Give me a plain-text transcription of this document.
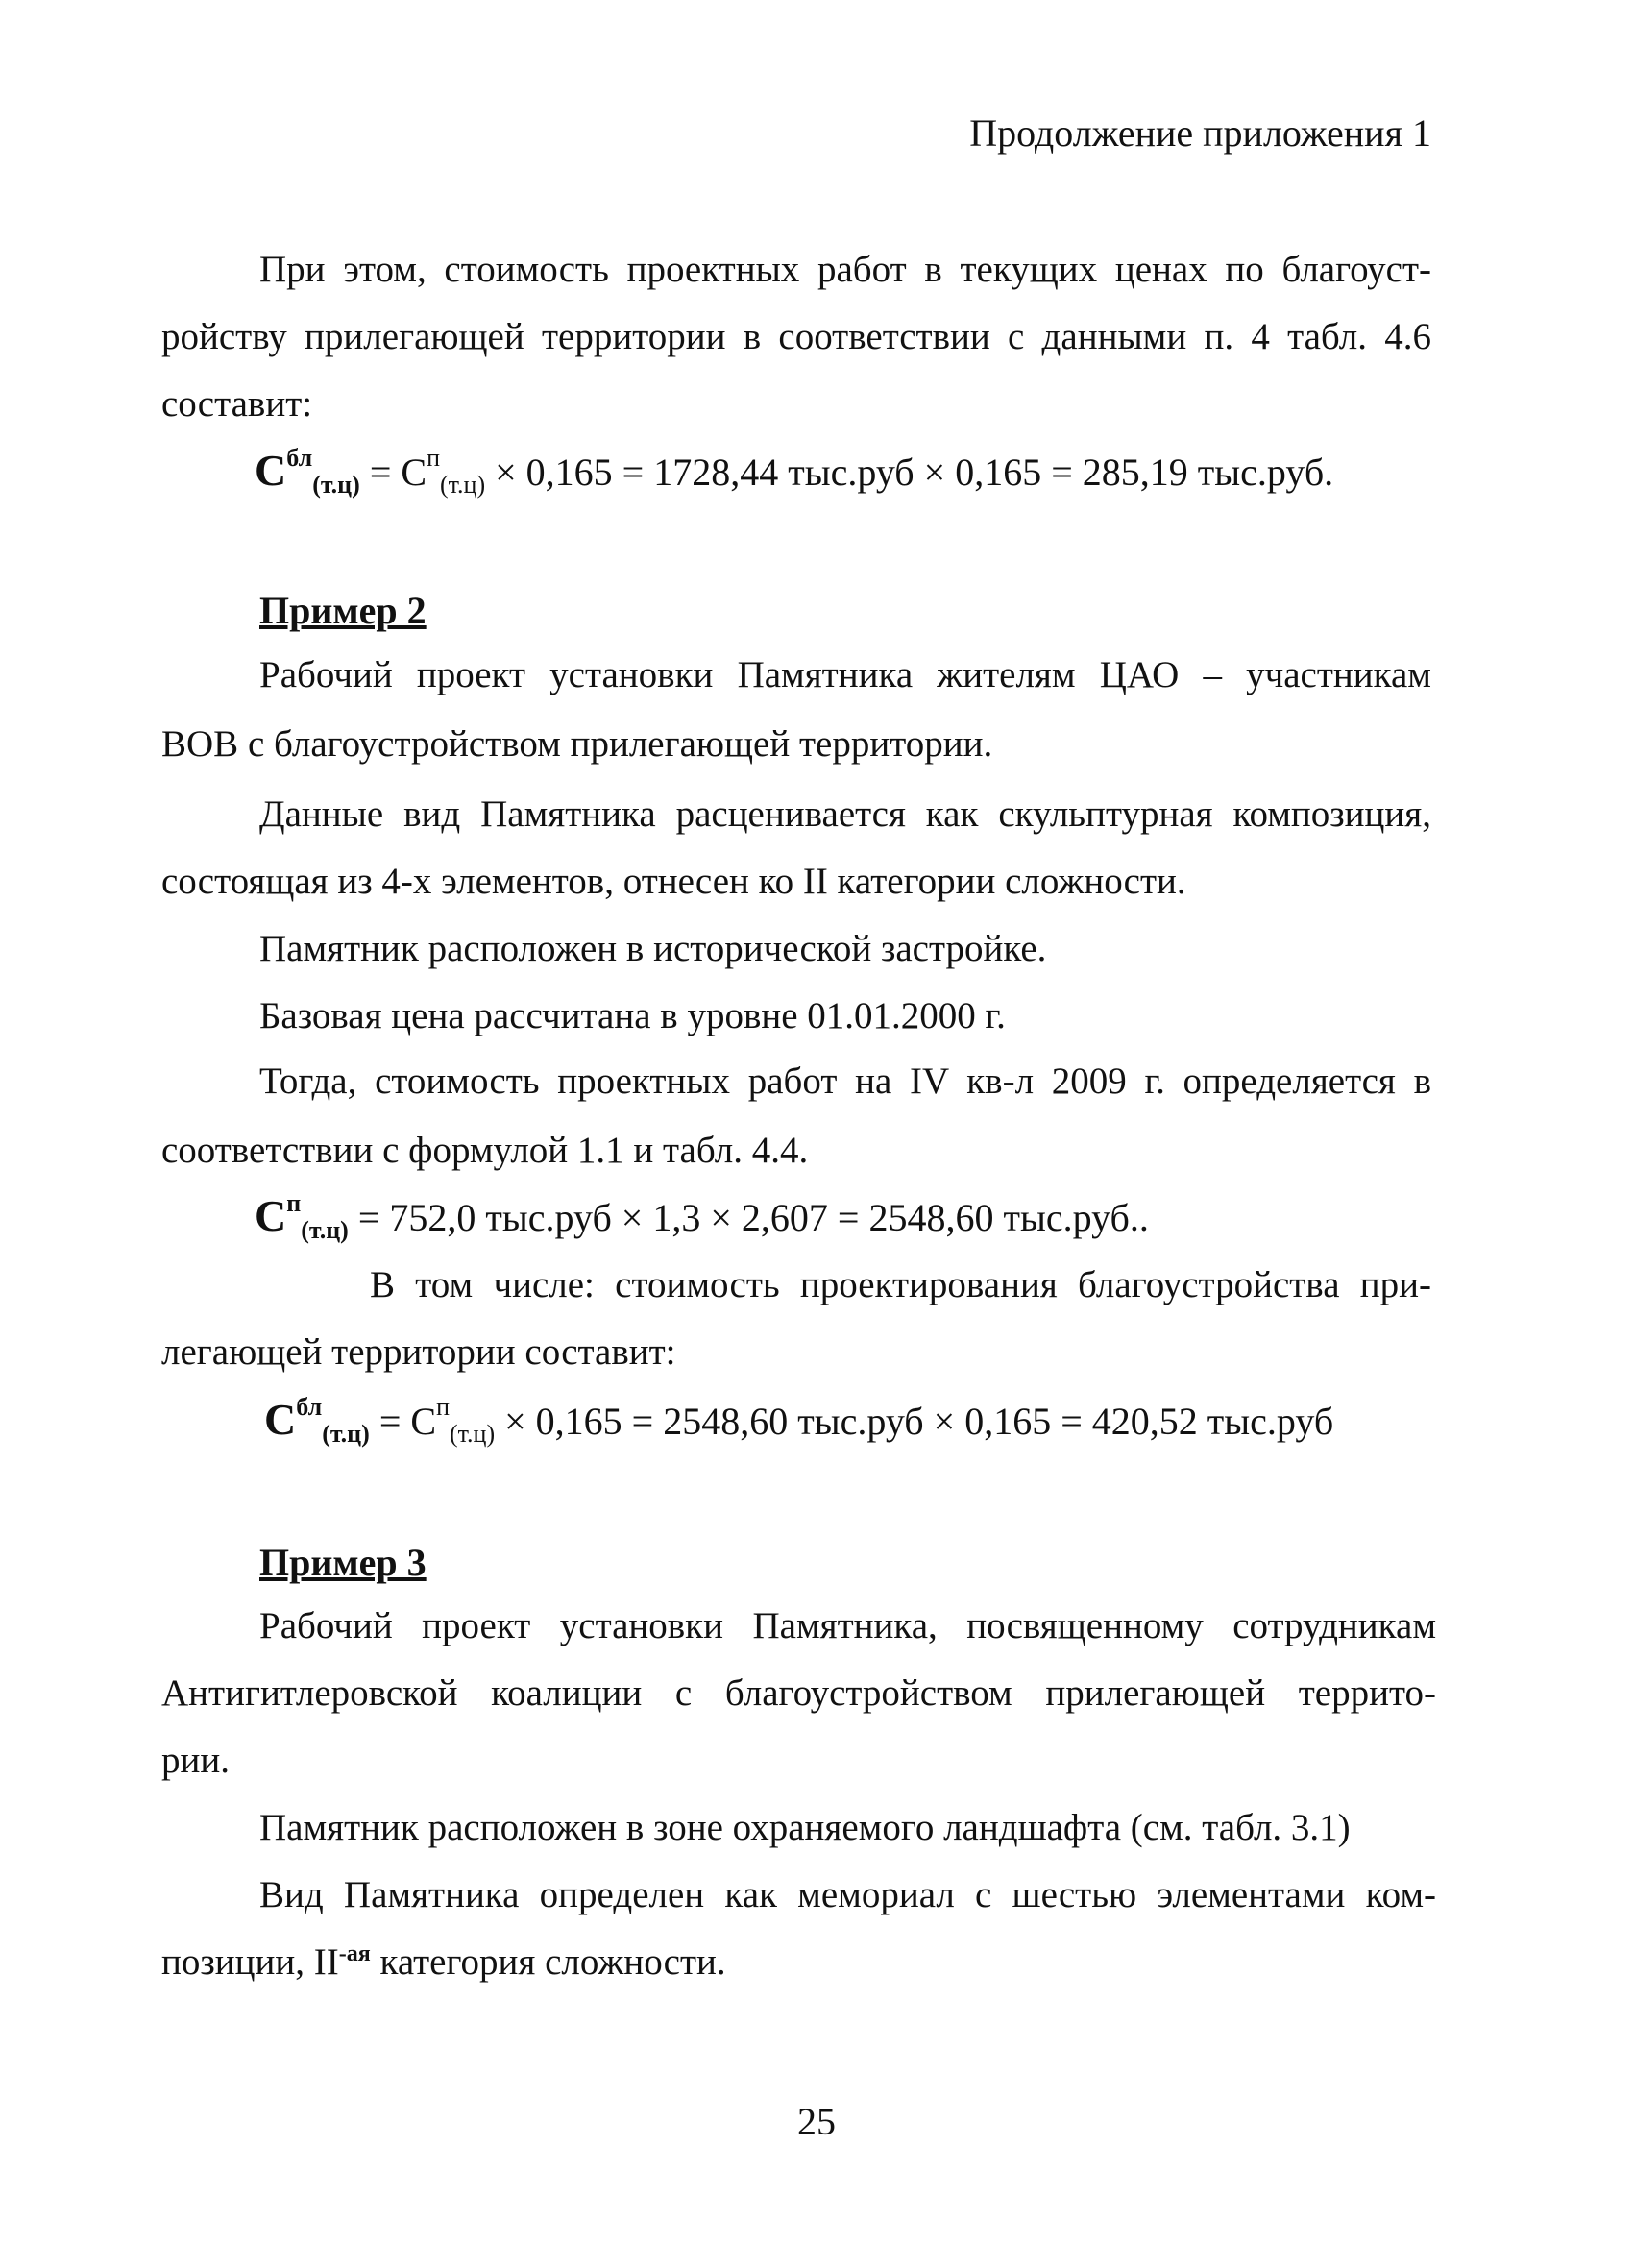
Продолжение приложения 1
При этом, стоимость проектных работ в текущих ценах по благоуст-
ройству прилегающей территории в соответствии с данными п. 4 табл. 4.6
составит:
$С^{бл}_{(т.ц)} = С^п_{(т.ц)} \times 0,165 = 1728,44$ тыс.руб × 0,165 = 285,19 тыс.руб.
Пример 2
Рабочий проект установки Памятника жителям ЦАО – участникам
ВОВ с благоустройством прилегающей территории.
Данные вид Памятника расценивается как скульптурная композиция,
состоящая из 4-х элементов, отнесен ко II категории сложности.
Памятник расположен в исторической застройке.
Базовая цена рассчитана в уровне 01.01.2000 г.
Тогда, стоимость проектных работ на IV кв-л 2009 г. определяется в
соответствии с формулой 1.1 и табл. 4.4.
$С^п_{(т.ц)} = 752,0$ тыс.руб × 1,3 × 2,607 = 2548,60 тыс.руб..
В том числе: стоимость проектирования благоустройства при-
легающей территории составит:
$С^{бл}_{(т.ц)} = С^п_{(т.ц)} \times 0,165 = 2548,60$ тыс.руб × 0,165 = 420,52 тыс.руб
Пример 3
Рабочий проект установки Памятника, посвященному сотрудникам
Антигитлеровской коалиции с благоустройством прилегающей террито-
рии.
Памятник расположен в зоне охраняемого ландшафта (см. табл. 3.1)
Вид Памятника определен как мемориал с шестью элементами ком-
позиции, $II^{-ая}$ категория сложности.
25
